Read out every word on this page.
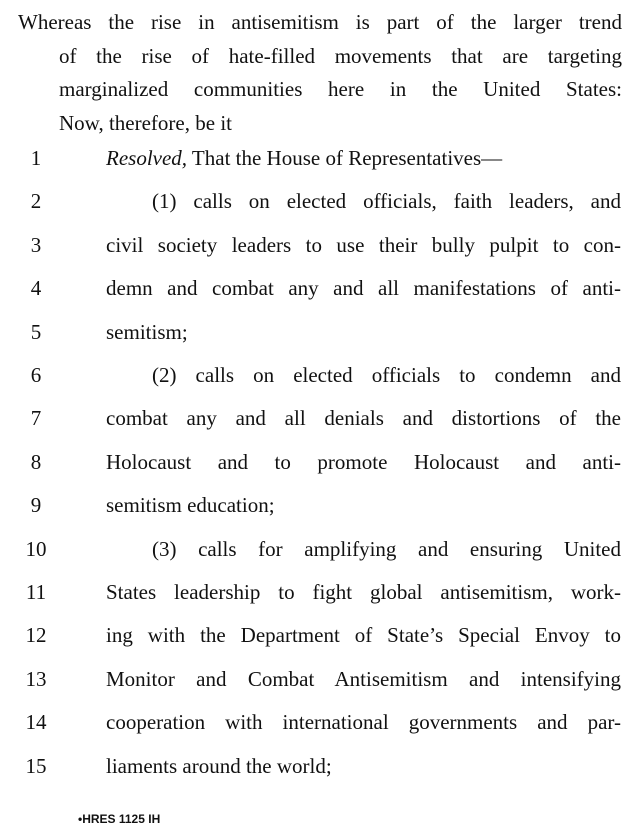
Whereas the rise in antisemitism is part of the larger trend
of the rise of hate-filled movements that are targeting
marginalized communities here in the United States:
Now, therefore, be it
1	Resolved, That the House of Representatives—
2	(1) calls on elected officials, faith leaders, and
3	civil society leaders to use their bully pulpit to con-
4	demn and combat any and all manifestations of anti-
5	semitism;
6	(2) calls on elected officials to condemn and
7	combat any and all denials and distortions of the
8	Holocaust and to promote Holocaust and anti-
9	semitism education;
10	(3) calls for amplifying and ensuring United
11	States leadership to fight global antisemitism, work-
12	ing with the Department of State’s Special Envoy to
13	Monitor and Combat Antisemitism and intensifying
14	cooperation with international governments and par-
15	liaments around the world;
•HRES 1125 IH
